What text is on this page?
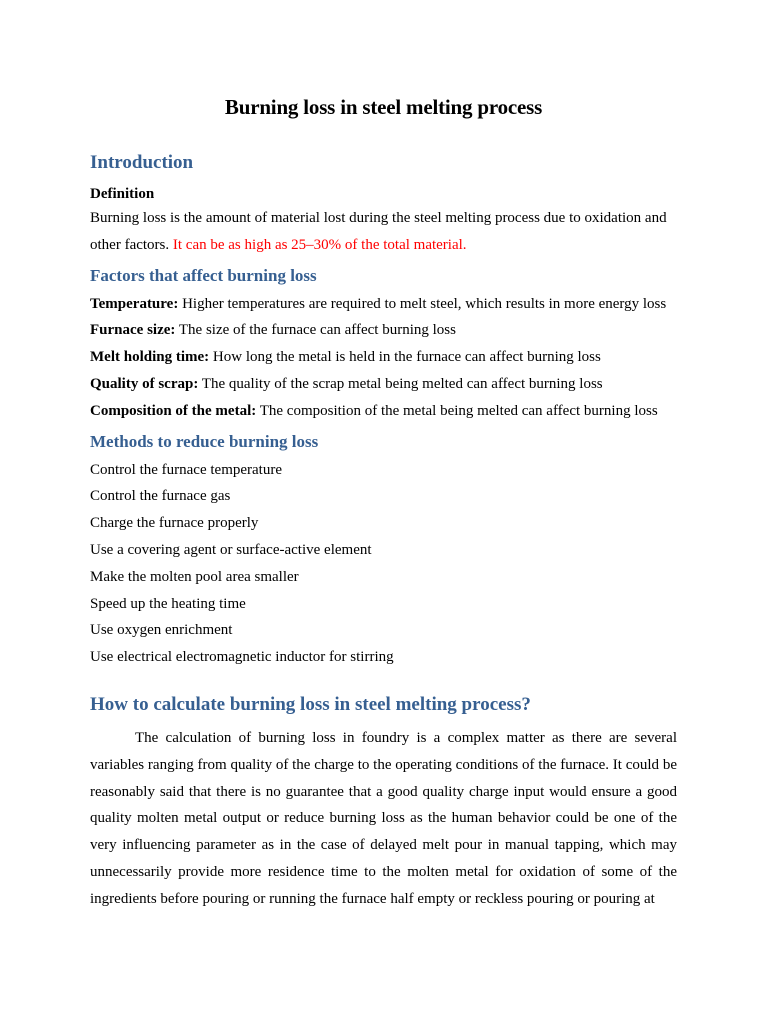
Burning loss in steel melting process
Introduction
Definition

Burning loss is the amount of material lost during the steel melting process due to oxidation and other factors. It can be as high as 25–30% of the total material.

Factors that affect burning loss

Temperature: Higher temperatures are required to melt steel, which results in more energy loss

Furnace size: The size of the furnace can affect burning loss

Melt holding time: How long the metal is held in the furnace can affect burning loss

Quality of scrap: The quality of the scrap metal being melted can affect burning loss

Composition of the metal: The composition of the metal being melted can affect burning loss

Methods to reduce burning loss

Control the furnace temperature

Control the furnace gas

Charge the furnace properly

Use a covering agent or surface-active element

Make the molten pool area smaller

Speed up the heating time

Use oxygen enrichment

Use electrical electromagnetic inductor for stirring

How to calculate burning loss in steel melting process?

The calculation of burning loss in foundry is a complex matter as there are several variables ranging from quality of the charge to the operating conditions of the furnace. It could be reasonably said that there is no guarantee that a good quality charge input would ensure a good quality molten metal output or reduce burning loss as the human behavior could be one of the very influencing parameter as in the case of delayed melt pour in manual tapping, which may unnecessarily provide more residence time to the molten metal for oxidation of some of the ingredients before pouring or running the furnace half empty or reckless pouring or pouring at
